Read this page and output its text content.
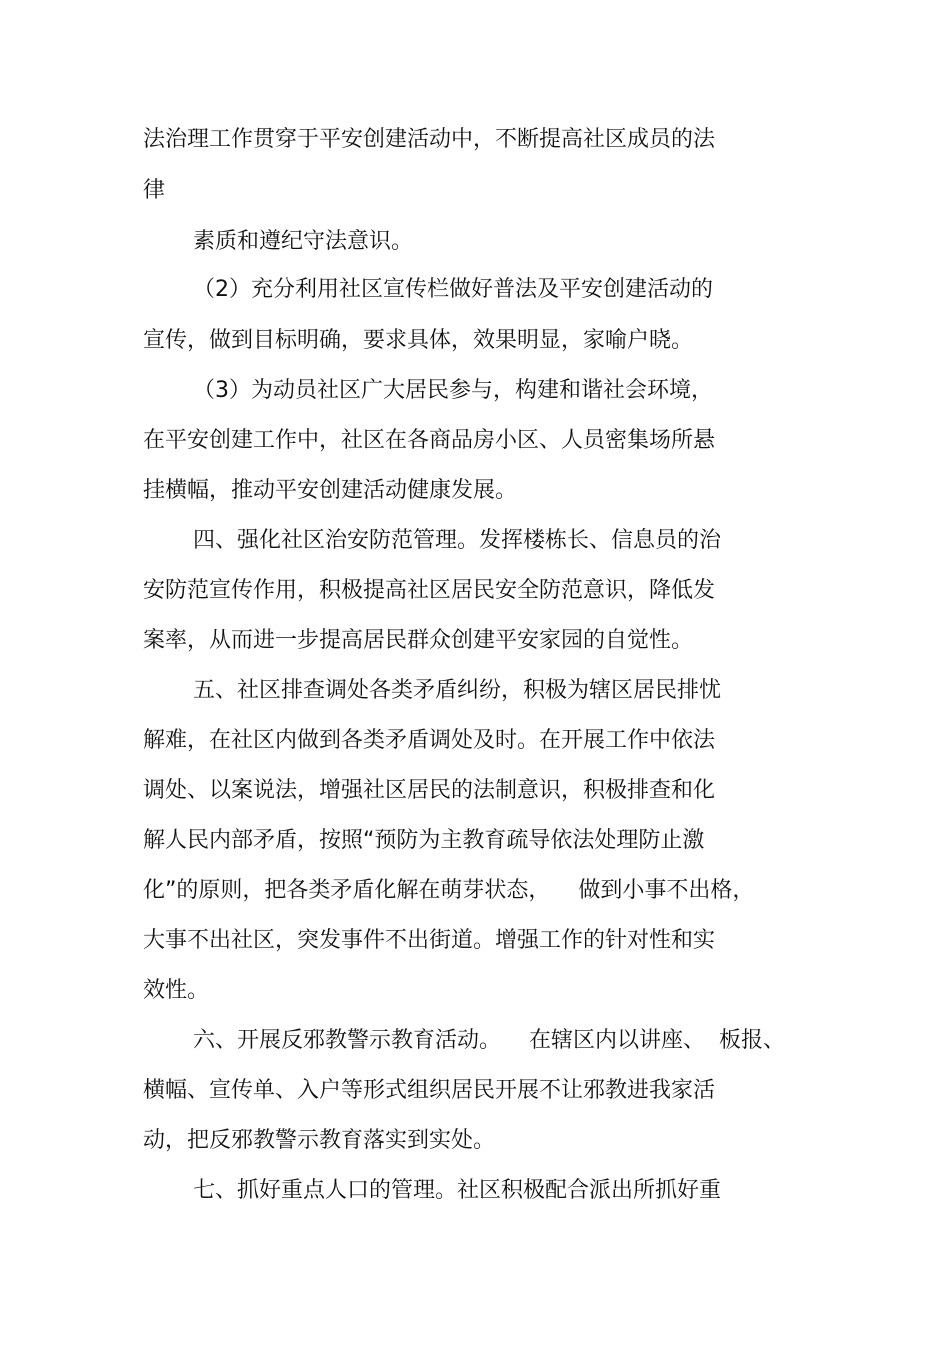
法治理工作贯穿于平安创建活动中，不断提高社区成员的法
律
素质和遵纪守法意识。
（2）充分利用社区宣传栏做好普法及平安创建活动的
宣传，做到目标明确，要求具体，效果明显，家喻户晓。
（3）为动员社区广大居民参与，构建和谐社会环境，
在平安创建工作中，社区在各商品房小区、人员密集场所悬
挂横幅，推动平安创建活动健康发展。
四、强化社区治安防范管理。发挥楼栋长、信息员的治
安防范宣传作用，积极提高社区居民安全防范意识，降低发
案率，从而进一步提高居民群众创建平安家园的自觉性。
五、社区排查调处各类矛盾纠纷，积极为辖区居民排忧
解难，在社区内做到各类矛盾调处及时。在开展工作中依法
调处、以案说法，增强社区居民的法制意识，积极排查和化
解人民内部矛盾，按照“预防为主教育疏导依法处理防止激
化”的原则，把各类矛盾化解在萌芽状态，    做到小事不出格，
大事不出社区，突发事件不出街道。增强工作的针对性和实
效性。
六、开展反邪教警示教育活动。    在辖区内以讲座、  板报、
横幅、宣传单、入户等形式组织居民开展不让邪教进我家活
动，把反邪教警示教育落实到实处。
七、抓好重点人口的管理。社区积极配合派出所抓好重
